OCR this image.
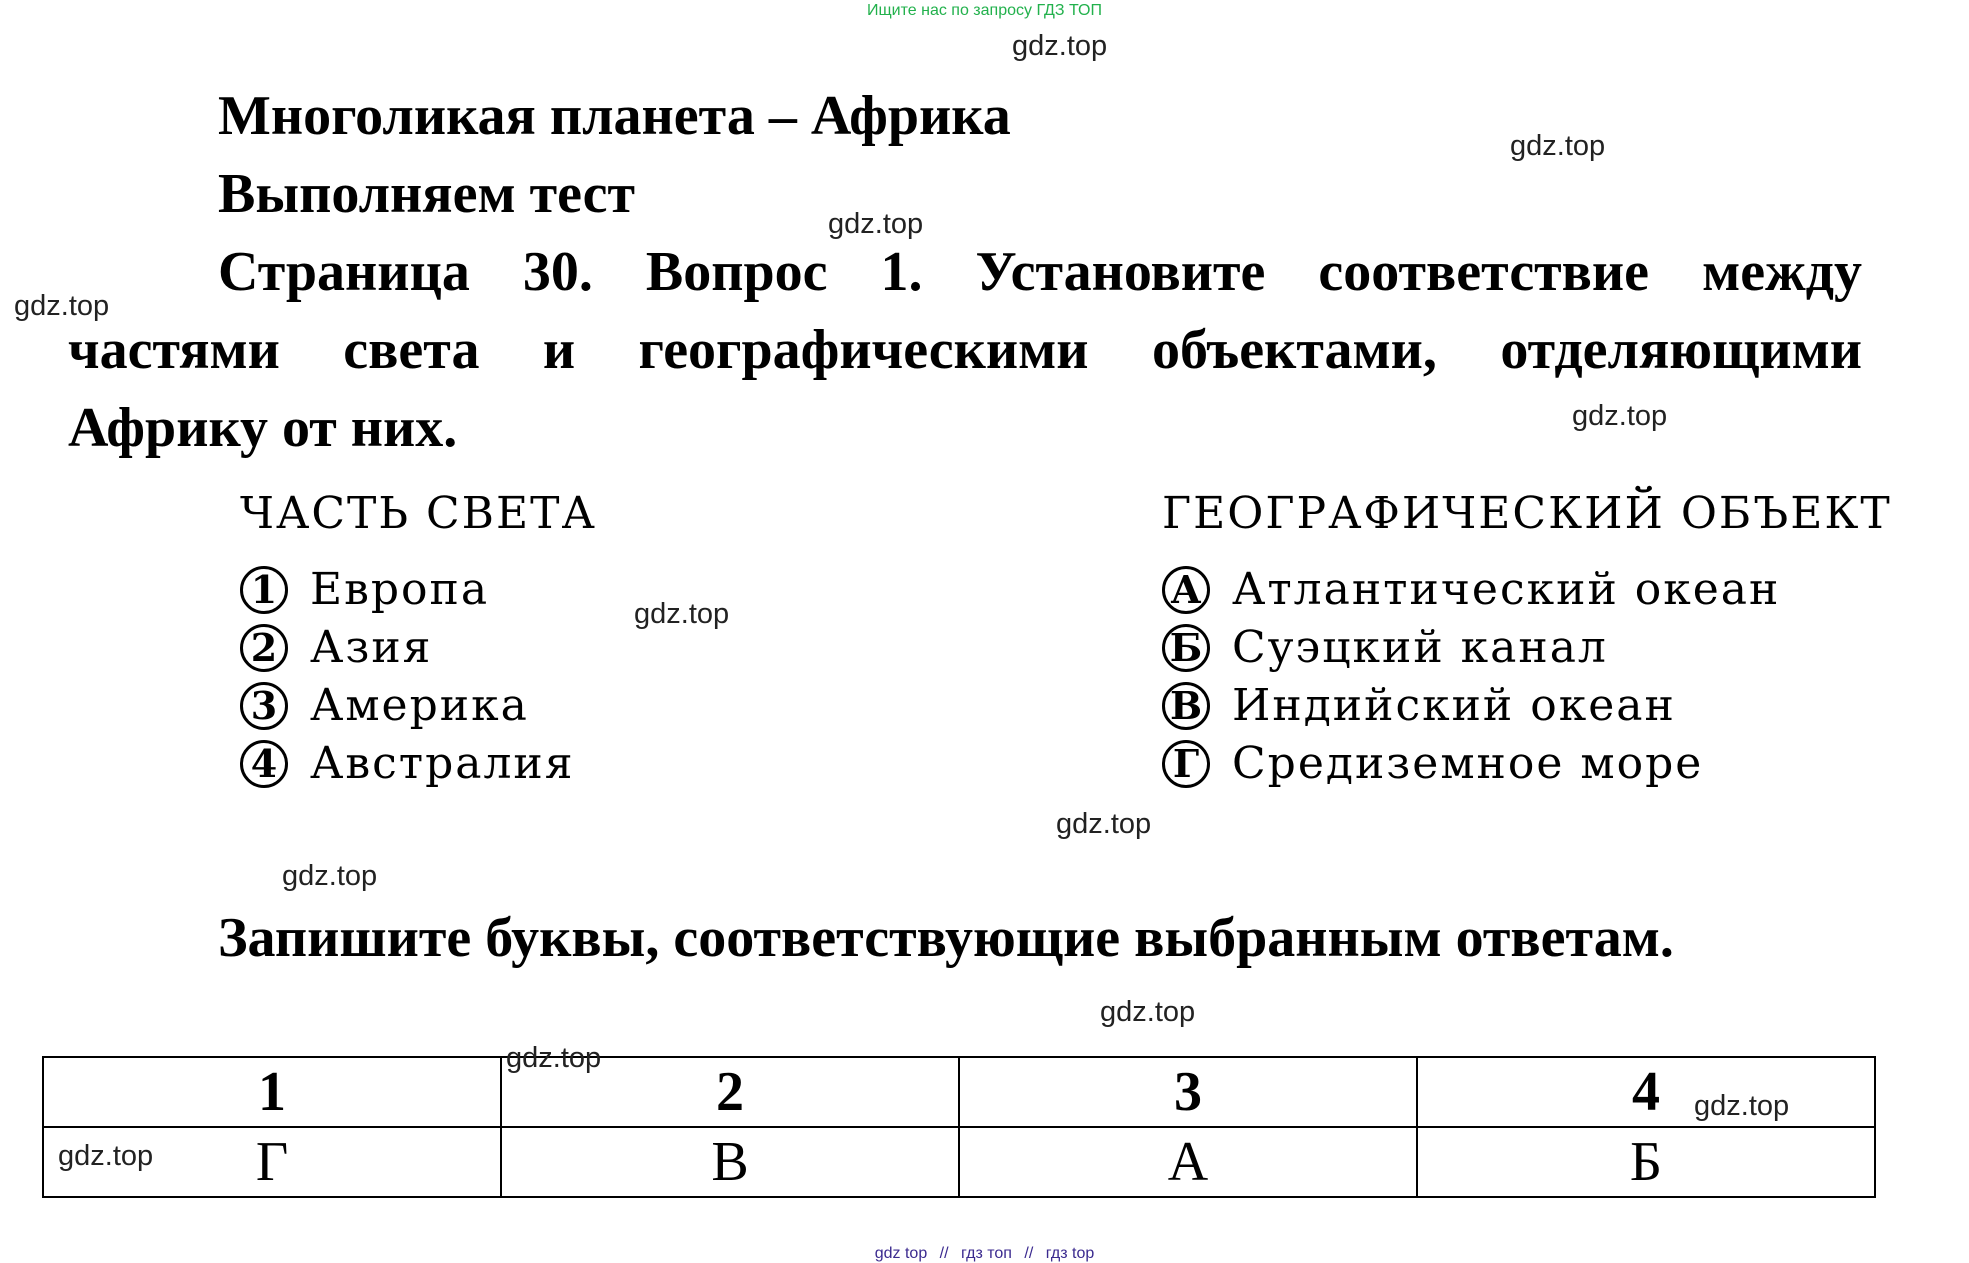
Ищите нас по запросу ГДЗ ТОП
gdz.top
gdz.top
gdz.top
gdz.top
gdz.top
gdz.top
gdz.top
gdz.top
gdz.top
Многоликая планета – Африка
Выполняем тест
Страница 30. Вопрос 1. Установите соответствие между
частями света и географическими объектами, отделяющими
Африку от них.
ЧАСТЬ СВЕТА
1 Европа
2 Азия
3 Америка
4 Австралия
ГЕОГРАФИЧЕСКИЙ ОБЪЕКТ
А Атлантический океан
Б Суэцкий канал
В Индийский океан
Г Средиземное море
Запишите буквы, соответствующие выбранным ответам.
1	2	3	4
Г	В	А	Б
gdz.top
gdz.top
gdz.top
gdz top // гдз топ // гдз top
